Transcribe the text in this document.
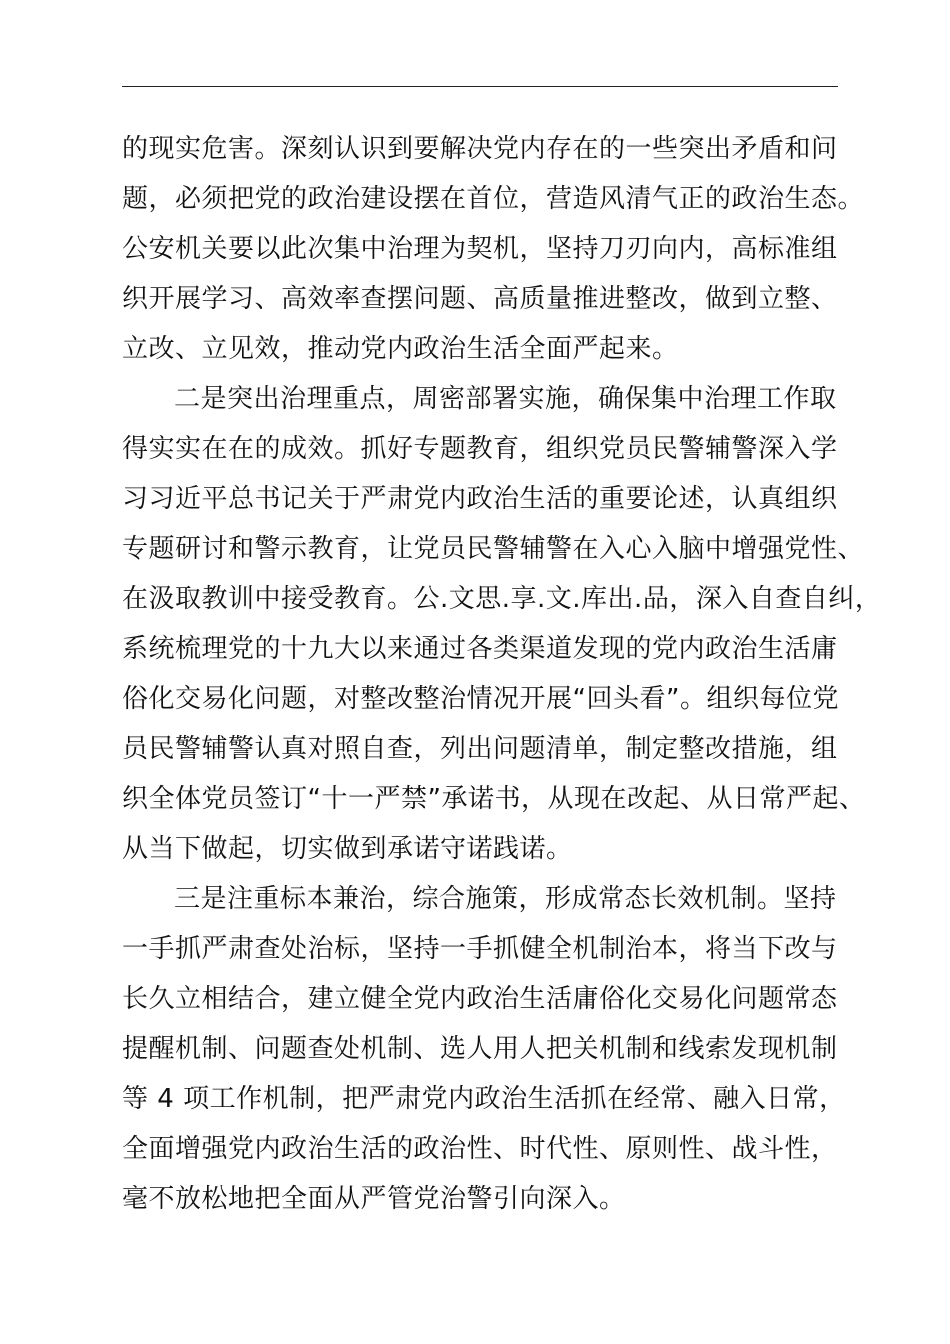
的现实危害。深刻认识到要解决党内存在的一些突出矛盾和问
题，必须把党的政治建设摆在首位，营造风清气正的政治生态。
公安机关要以此次集中治理为契机，坚持刀刃向内，高标准组
织开展学习、高效率查摆问题、高质量推进整改，做到立整、
立改、立见效，推动党内政治生活全面严起来。
二是突出治理重点，周密部署实施，确保集中治理工作取
得实实在在的成效。抓好专题教育，组织党员民警辅警深入学
习习近平总书记关于严肃党内政治生活的重要论述，认真组织
专题研讨和警示教育，让党员民警辅警在入心入脑中增强党性、
在汲取教训中接受教育。公.文思.享.文.库出.品，深入自查自纠，
系统梳理党的十九大以来通过各类渠道发现的党内政治生活庸
俗化交易化问题，对整改整治情况开展“回头看”。组织每位党
员民警辅警认真对照自查，列出问题清单，制定整改措施，组
织全体党员签订“十一严禁”承诺书，从现在改起、从日常严起、
从当下做起，切实做到承诺守诺践诺。
三是注重标本兼治，综合施策，形成常态长效机制。坚持
一手抓严肃查处治标，坚持一手抓健全机制治本，将当下改与
长久立相结合，建立健全党内政治生活庸俗化交易化问题常态
提醒机制、问题查处机制、选人用人把关机制和线索发现机制
等 4 项工作机制，把严肃党内政治生活抓在经常、融入日常，
全面增强党内政治生活的政治性、时代性、原则性、战斗性，
毫不放松地把全面从严管党治警引向深入。
